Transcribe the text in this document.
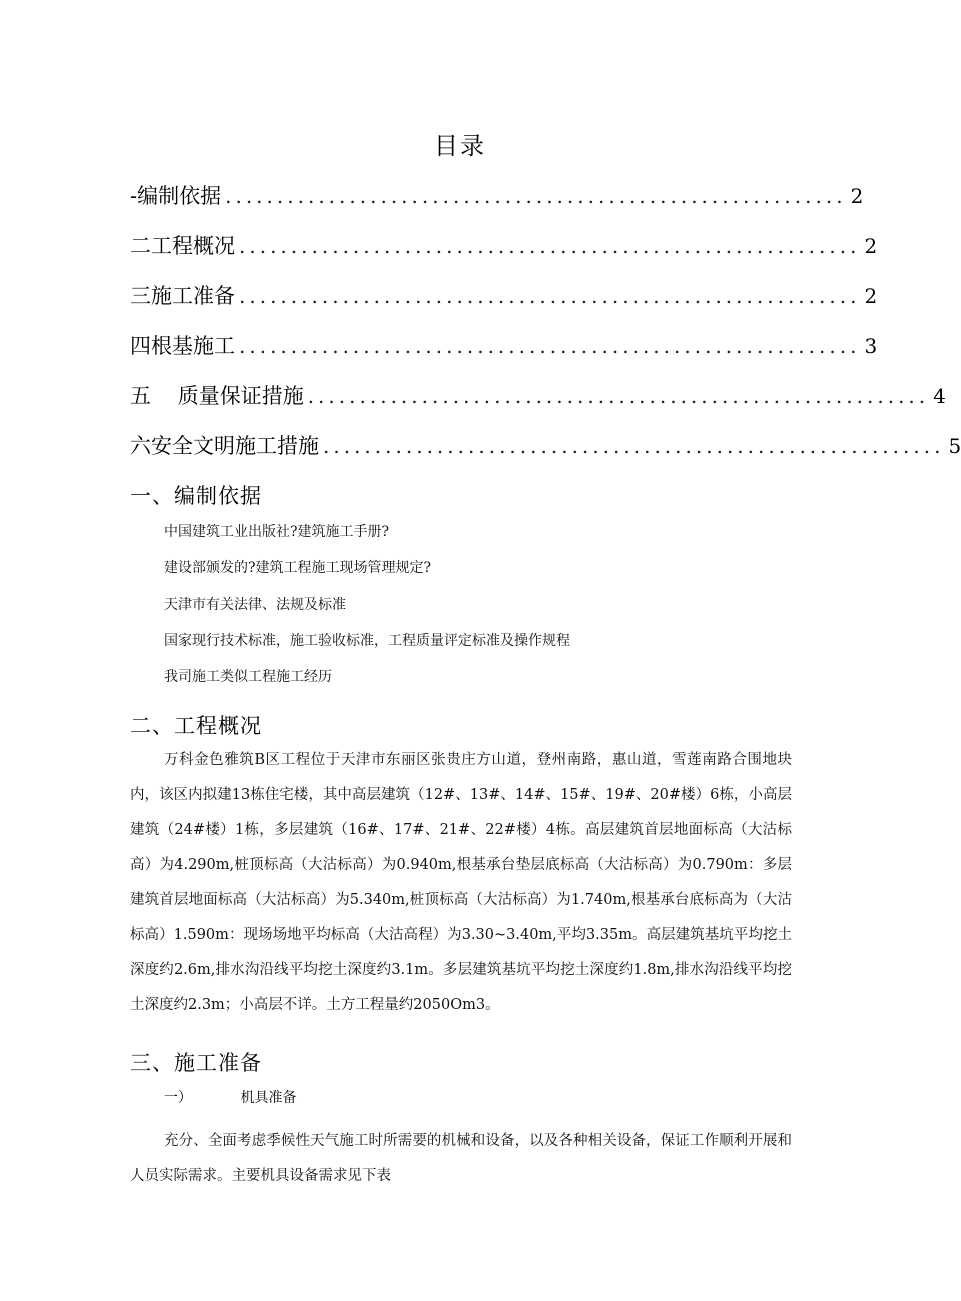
目录
-编制依据 ............................................................ 2
二工程概况 ............................................................ 2
三施工准备 ............................................................ 2
四根基施工 ............................................................ 3
五    质量保证措施 ............................................................ 4
六安全文明施工措施 ............................................................ 5
一、编制依据
中国建筑工业出版社?建筑施工手册?
建设部颁发的?建筑工程施工现场管理规定?
天津市有关法律、法规及标准
国家现行技术标准，施工验收标准，工程质量评定标准及操作规程
我司施工类似工程施工经历
二、工程概况
万科金色雅筑B区工程位于天津市东丽区张贵庄方山道，登州南路，惠山道，雪莲南路合围地块内，该区内拟建13栋住宅楼，其中高层建筑（12#、13#、14#、15#、19#、20#楼）6栋，小高层建筑（24#楼）1栋，多层建筑（16#、17#、21#、22#楼）4栋。高层建筑首层地面标高（大沽标高）为4.290m,桩顶标高（大沽标高）为0.940m,根基承台垫层底标高（大沽标高）为0.790m：多层建筑首层地面标高（大沽标高）为5.340m,桩顶标高（大沽标高）为1.740m,根基承台底标高为（大沽标高）1.590m：现场场地平均标高（大沽高程）为3.30~3.40m,平均3.35m。高层建筑基坑平均挖土深度约2.6m,排水沟沿线平均挖土深度约3.1m。多层建筑基坑平均挖土深度约1.8m,排水沟沿线平均挖土深度约2.3m；小高层不详。土方工程量约2050Om3。
三、施工准备
一）	机具准备
充分、全面考虑季候性天气施工时所需要的机械和设备，以及各种相关设备，保证工作顺利开展和人员实际需求。主要机具设备需求见下表
